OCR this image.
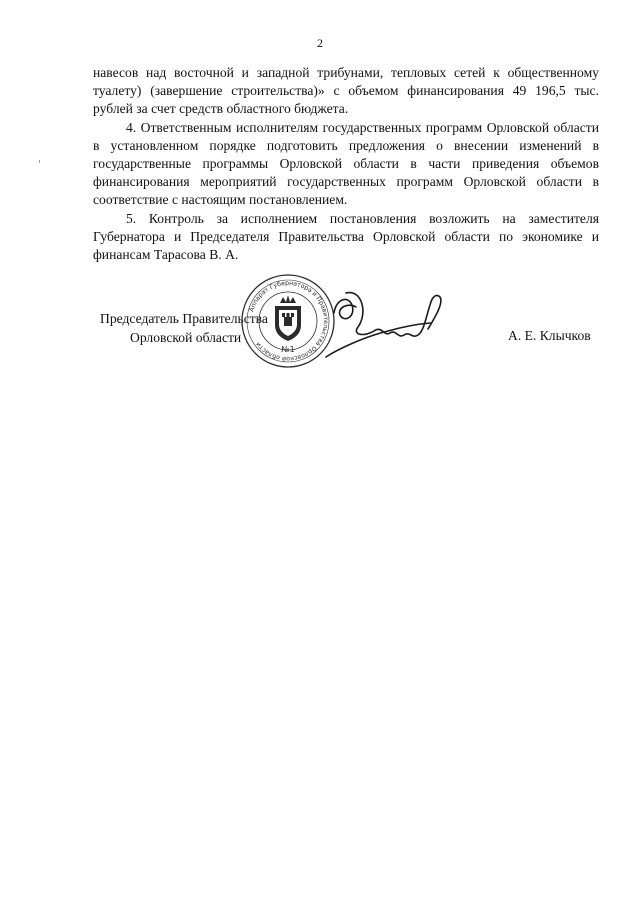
2

навесов над восточной и западной трибунами, тепловых сетей к общественному туалету) (завершение строительства)» с объемом финансирования 49 196,5 тыс. рублей за счет средств областного бюджета.

4. Ответственным исполнителям государственных программ Орловской области в установленном порядке подготовить предложения о внесении изменений в государственные программы Орловской области в части приведения объемов финансирования мероприятий государственных программ Орловской области в соответствие с настоящим постановлением.

5. Контроль за исполнением постановления возложить на заместителя Губернатора и Председателя Правительства Орловской области по экономике и финансам Тарасова В. А.

Председатель Правительства
Орловской области	А. Е. Клычков
Аппарат Губернатора и Правительства Орловской области
№1
